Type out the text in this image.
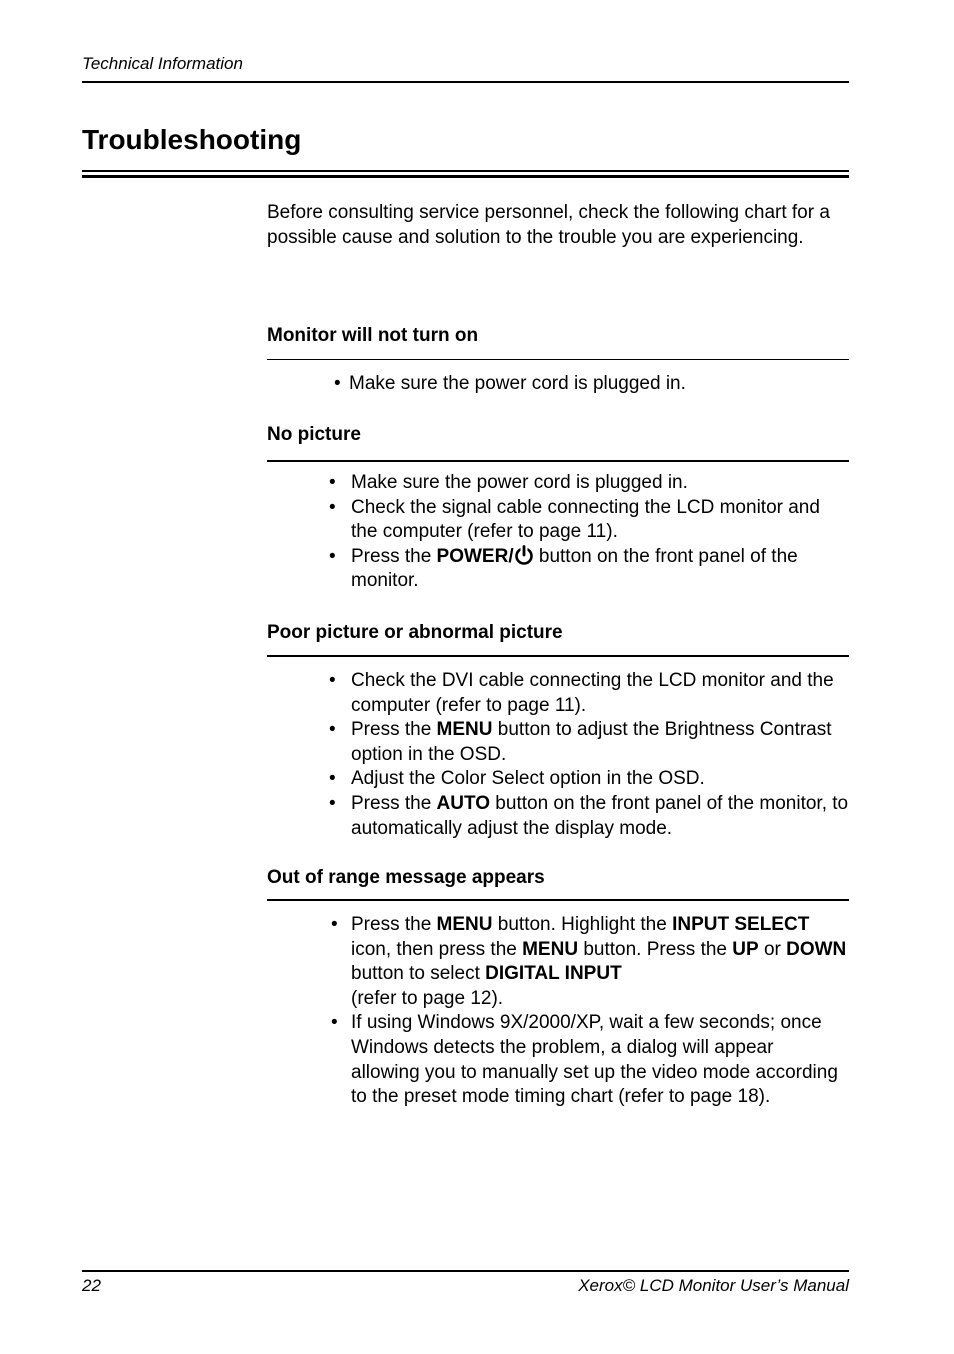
Technical Information

Troubleshooting

Before consulting service personnel, check the following chart for a possible cause and solution to the trouble you are experiencing.

Monitor will not turn on
• Make sure the power cord is plugged in.
No picture
• Make sure the power cord is plugged in.
• Check the signal cable connecting the LCD monitor and the computer (refer to page 11).
• Press the POWER/ button on the front panel of the monitor.
Poor picture or abnormal picture
• Check the DVI cable connecting the LCD monitor and the computer (refer to page 11).
• Press the MENU button to adjust the Brightness Contrast option in the OSD.
• Adjust the Color Select option in the OSD.
• Press the AUTO button on the front panel of the monitor, to automatically adjust the display mode.
Out of range message appears
• Press the MENU button. Highlight the INPUT SELECT icon, then press the MENU button. Press the UP or DOWN button to select DIGITAL INPUT
(refer to page 12).
• If using Windows 9X/2000/XP, wait a few seconds; once Windows detects the problem, a dialog will appear allowing you to manually set up the video mode according to the preset mode timing chart (refer to page 18).

22	Xerox© LCD Monitor User’s Manual
